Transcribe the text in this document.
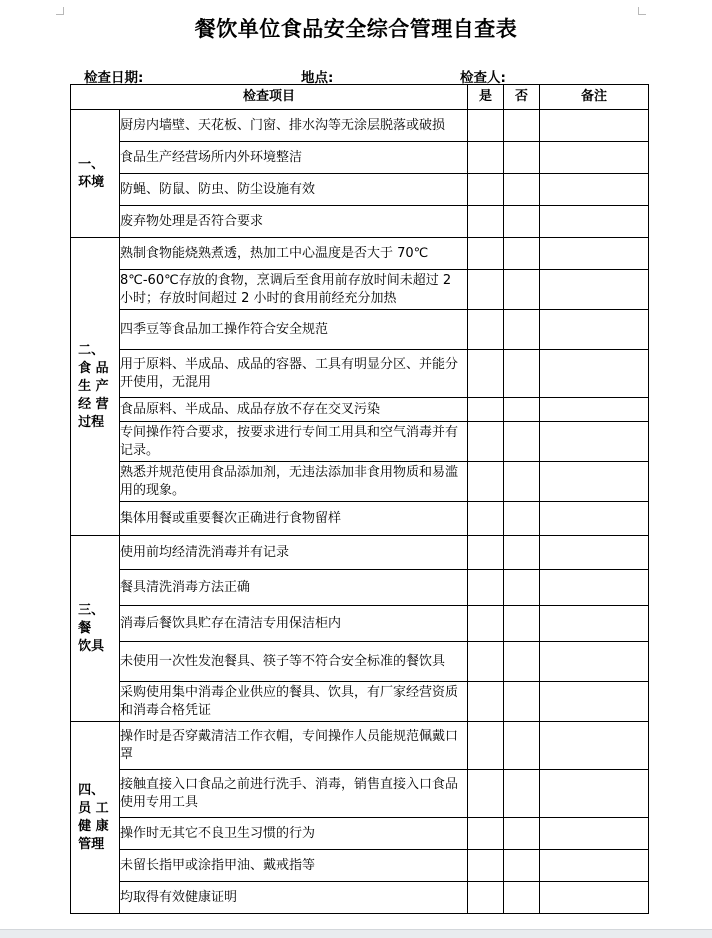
餐饮单位食品安全综合管理自查表
检查日期:	地点:	检查人:
检查项目		是	否	备注
一、
环境	厨房内墙壁、天花板、门窗、排水沟等无涂层脱落或破损			
	食品生产经营场所内外环境整洁			
	防蝇、防鼠、防虫、防尘设施有效			
	废弃物处理是否符合要求			
二、
食 品
生 产
经 营
过程	熟制食物能烧熟煮透，热加工中心温度是否大于 70℃			
	8℃-60℃存放的食物，烹调后至食用前存放时间未超过 2 小时；存放时间超过 2 小时的食用前经充分加热			
	四季豆等食品加工操作符合安全规范			
	用于原料、半成品、成品的容器、工具有明显分区、并能分开使用，无混用			
	食品原料、半成品、成品存放不存在交叉污染			
	专间操作符合要求，按要求进行专间工用具和空气消毒并有记录。			
	熟悉并规范使用食品添加剂，无违法添加非食用物质和易滥用的现象。			
	集体用餐或重要餐次正确进行食物留样			
三、
餐
饮具	使用前均经清洗消毒并有记录			
	餐具清洗消毒方法正确			
	消毒后餐饮具贮存在清洁专用保洁柜内			
	未使用一次性发泡餐具、筷子等不符合安全标准的餐饮具			
	采购使用集中消毒企业供应的餐具、饮具，有厂家经营资质和消毒合格凭证			
四、
员 工
健 康
管理	操作时是否穿戴清洁工作衣帽，专间操作人员能规范佩戴口罩			
	接触直接入口食品之前进行洗手、消毒，销售直接入口食品使用专用工具			
	操作时无其它不良卫生习惯的行为			
	未留长指甲或涂指甲油、戴戒指等			
	均取得有效健康证明			
